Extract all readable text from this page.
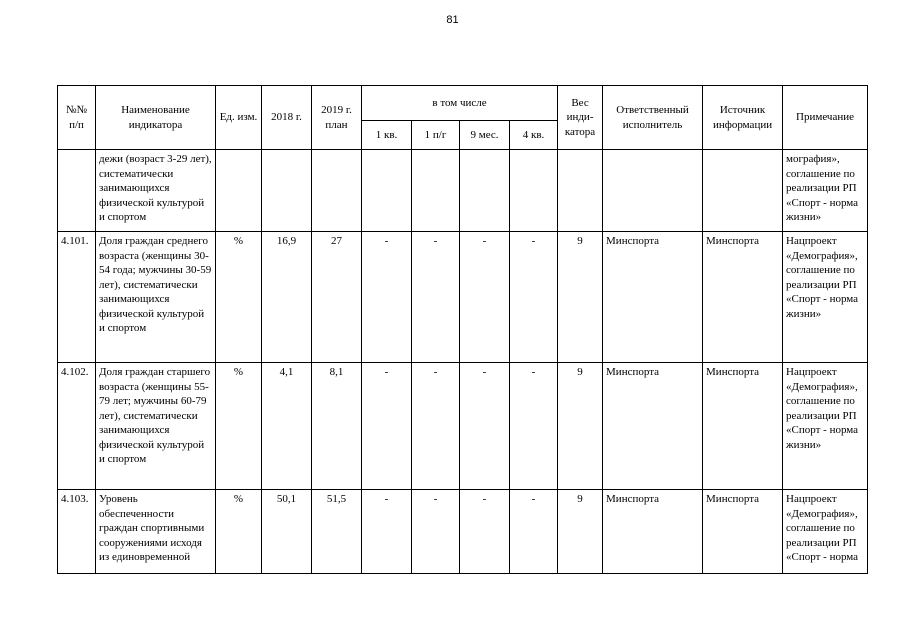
81
№№ п/п	Наименование индикатора	Ед. изм.	2018 г.	2019 г. план	в том числе				Вес инди-катора	Ответственный исполнитель	Источник информации	Примечание
					1 кв.	1 п/г	9 мес.	4 кв.				
	дежи (возраст 3-29 лет), систематически занимающихся физической культурой и спортом											мография», соглашение по реализации РП «Спорт - норма жизни»
4.101.	Доля граждан среднего возраста (женщины 30-54 года; мужчины 30-59 лет), систематически занимающихся физической культурой и спортом	%	16,9	27	-	-	-	-	9	Минспорта	Минспорта	Нацпроект «Демография», соглашение по реализации РП «Спорт - норма жизни»
4.102.	Доля граждан старшего возраста (женщины 55-79 лет; мужчины 60-79 лет), систематически занимающихся физической культурой и спортом	%	4,1	8,1	-	-	-	-	9	Минспорта	Минспорта	Нацпроект «Демография», соглашение по реализации РП «Спорт - норма жизни»
4.103.	Уровень обеспеченности граждан спортивными сооружениями исходя из единовременной	%	50,1	51,5	-	-	-	-	9	Минспорта	Минспорта	Нацпроект «Демография», соглашение по реализации РП «Спорт - норма
